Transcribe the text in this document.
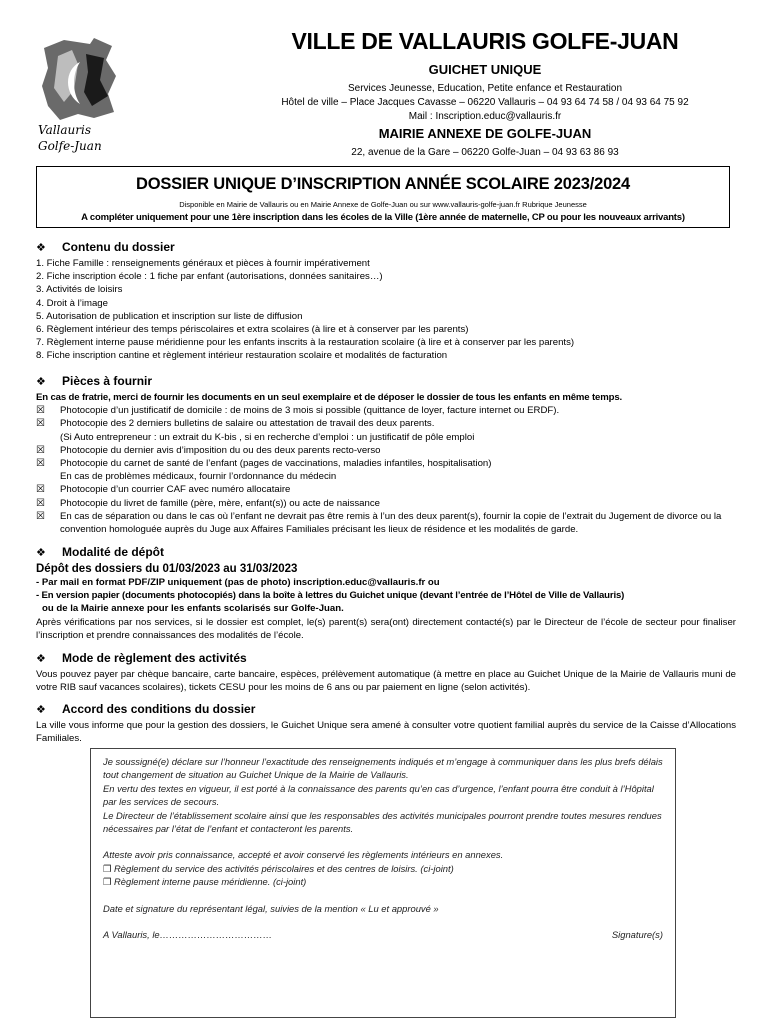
Vallauris
Golfe-Juan
VILLE DE VALLAURIS GOLFE-JUAN
GUICHET UNIQUE
Services Jeunesse, Education, Petite enfance et Restauration
Hôtel de ville – Place Jacques Cavasse – 06220 Vallauris – 04 93 64 74 58 / 04 93 64 75 92
Mail : Inscription.educ@vallauris.fr
MAIRIE ANNEXE DE GOLFE-JUAN
22, avenue de la Gare – 06220 Golfe-Juan – 04 93 63 86 93
DOSSIER UNIQUE D’INSCRIPTION ANNÉE SCOLAIRE 2023/2024
Disponible en Mairie de Vallauris ou en Mairie Annexe de Golfe-Juan ou sur www.vallauris-golfe-juan.fr Rubrique Jeunesse
A compléter uniquement pour une 1ère inscription dans les écoles de la Ville (1ère année de maternelle, CP ou pour les nouveaux arrivants)
❖ Contenu du dossier
1. Fiche Famille : renseignements généraux et pièces à fournir impérativement
2. Fiche inscription école : 1 fiche par enfant (autorisations, données sanitaires…)
3. Activités de loisirs
4. Droit à l’image
5. Autorisation de publication et inscription sur liste de diffusion
6. Règlement intérieur des temps périscolaires et extra scolaires (à lire et à conserver par les parents)
7. Règlement interne pause méridienne pour les enfants inscrits à la restauration scolaire (à lire et à conserver par les parents)
8. Fiche inscription cantine et règlement intérieur restauration scolaire et modalités de facturation
❖ Pièces à fournir
En cas de fratrie, merci de fournir les documents en un seul exemplaire et de déposer le dossier de tous les enfants en même temps.
☒	Photocopie d’un justificatif de domicile : de moins de 3 mois si possible (quittance de loyer, facture internet ou ERDF).
☒	Photocopie des 2 derniers bulletins de salaire ou attestation de travail des deux parents.
(Si Auto entrepreneur : un extrait du K-bis , si en recherche d’emploi : un justificatif de pôle emploi
☒	Photocopie du dernier avis d’imposition du ou des deux parents recto-verso
☒	Photocopie du carnet de santé de l’enfant (pages de vaccinations, maladies infantiles, hospitalisation)
En cas de problèmes médicaux, fournir l’ordonnance du médecin
☒	Photocopie d’un courrier CAF avec numéro allocataire
☒	Photocopie du livret de famille (père, mère, enfant(s)) ou acte de naissance
☒	En cas de séparation ou dans le cas où l’enfant ne devrait pas être remis à l’un des deux parent(s), fournir la copie de l’extrait du Jugement de divorce ou la convention homologuée auprès du Juge aux Affaires Familiales précisant les lieux de résidence et les modalités de garde.
❖ Modalité de dépôt
Dépôt des dossiers du 01/03/2023 au 31/03/2023
- Par mail en format PDF/ZIP uniquement (pas de photo) inscription.educ@vallauris.fr ou
- En version papier (documents photocopiés) dans la boîte à lettres du Guichet unique (devant l’entrée de l’Hôtel de Ville de Vallauris)
ou de la Mairie annexe pour les enfants scolarisés sur Golfe-Juan.
Après vérifications par nos services, si le dossier est complet, le(s) parent(s) sera(ont) directement contacté(s) par le Directeur de l’école de secteur pour finaliser l’inscription et prendre connaissances des modalités de l’école.
❖ Mode de règlement des activités
Vous pouvez payer par chèque bancaire, carte bancaire, espèces, prélèvement automatique (à mettre en place au Guichet Unique de la Mairie de Vallauris muni de votre RIB sauf vacances scolaires), tickets CESU pour les moins de 6 ans ou par paiement en ligne (selon activités).
❖ Accord des conditions du dossier
La ville vous informe que pour la gestion des dossiers, le Guichet Unique sera amené à consulter votre quotient familial auprès du service de la Caisse d’Allocations Familiales.
Je soussigné(e) déclare sur l’honneur l’exactitude des renseignements indiqués et m’engage à communiquer dans les plus brefs délais tout changement de situation au Guichet Unique de la Mairie de Vallauris.
En vertu des textes en vigueur, il est porté à la connaissance des parents qu’en cas d’urgence, l’enfant pourra être conduit à l’Hôpital par les services de secours.
Le Directeur de l’établissement scolaire ainsi que les responsables des activités municipales pourront prendre toutes mesures rendues nécessaires par l’état de l’enfant et contacteront les parents.
Atteste avoir pris connaissance, accepté et avoir conservé les règlements intérieurs en annexes.
❒ Règlement du service des activités périscolaires et des centres de loisirs. (ci-joint)
❒ Règlement interne pause méridienne. (ci-joint)
Date et signature du représentant légal, suivies de la mention « Lu et approuvé »
A Vallauris, le………………………………	Signature(s)
